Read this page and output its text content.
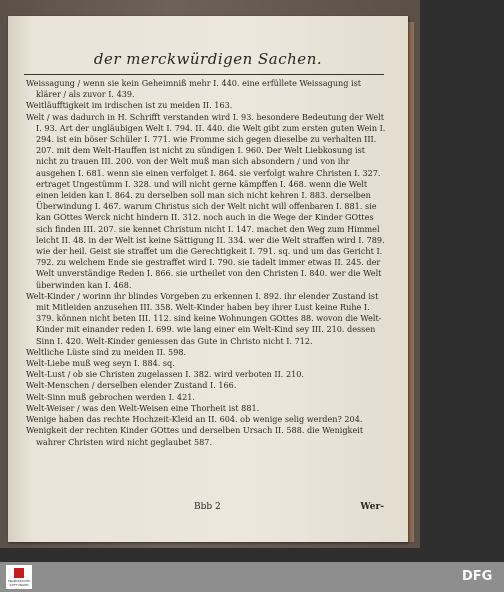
der merckwürdigen Sachen.

Weissagung / wenn sie kein Geheimniß mehr I. 440. eine erfüllete Weissagung ist klärer / als zuvor I. 439.

Weitläufftigkeit im irdischen ist zu meiden II. 163.

Welt / was dadurch in H. Schrifft verstanden wird I. 93. besondere Bedeutung der Welt I. 93. Art der ungläubigen Welt I. 794. II. 440. die Welt gibt zum ersten guten Wein I. 294. ist ein böser Schüler I. 771. wie Fromme sich gegen dieselbe zu verhalten III. 207. mit dem Welt-Hauffen ist nicht zu sündigen I. 960. Der Welt Liebkosung ist nicht zu trauen III. 200. von der Welt muß man sich absondern / und von ihr ausgehen I. 681. wenn sie einen verfolget I. 864. sie verfolgt wahre Christen I. 327. ertraget Ungestümm I. 328. und will nicht gerne kämpffen I. 468. wenn die Welt einen leiden kan I. 864. zu derselben soll man sich nicht kehren I. 883. derselben Überwindung I. 467. warum Christus sich der Welt nicht will offenbaren I. 881. sie kan GOttes Werck nicht hindern II. 312. noch auch in die Wege der Kinder GOttes sich finden III. 207. sie kennet Christum nicht I. 147. machet den Weg zum Himmel leicht II. 48. in der Welt ist keine Sättigung II. 334. wer die Welt straffen wird I. 789. wie der heil. Geist sie straffet um die Gerechtigkeit I. 791. sq. und um das Gericht I. 792. zu welchem Ende sie gestraffet wird I. 790. sie tadelt immer etwas II. 245. der Welt unverständige Reden I. 866. sie urtheilet von den Christen I. 840. wer die Welt überwinden kan I. 468.

Welt-Kinder / worinn ihr blindes Vorgeben zu erkennen I. 892. ihr elender Zustand ist mit Mitleiden anzusehen III. 358. Welt-Kinder haben bey ihrer Lust keine Ruhe I. 379. können nicht beten III. 112. sind keine Wohnungen GOttes 88. wovon die Welt-Kinder mit einander reden I. 699. wie lang einer ein Welt-Kind sey III. 210. dessen Sinn I. 420. Welt-Kinder geniessen das Gute in Christo nicht I. 712.

Weltliche Lüste sind zu meiden II. 598.

Welt-Liebe muß weg seyn I. 884. sq.

Welt-Lust / ob sie Christen zugelassen I. 382. wird verboten II. 210.

Welt-Menschen / derselben elender Zustand I. 166.

Welt-Sinn muß gebrochen werden I. 421.

Welt-Weiser / was den Welt-Weisen eine Thorheit ist 881.

Wenige haben das rechte Hochzeit-Kleid an II. 604. ob wenige selig werden? 204.

Wenigkeit der rechten Kinder GOttes und derselben Ursach II. 588. die Wenigkeit wahrer Christen wird nicht geglaubet 587.

Bbb 2	Wer-
FRANCKESCHE STIFTUNGEN
DFG
